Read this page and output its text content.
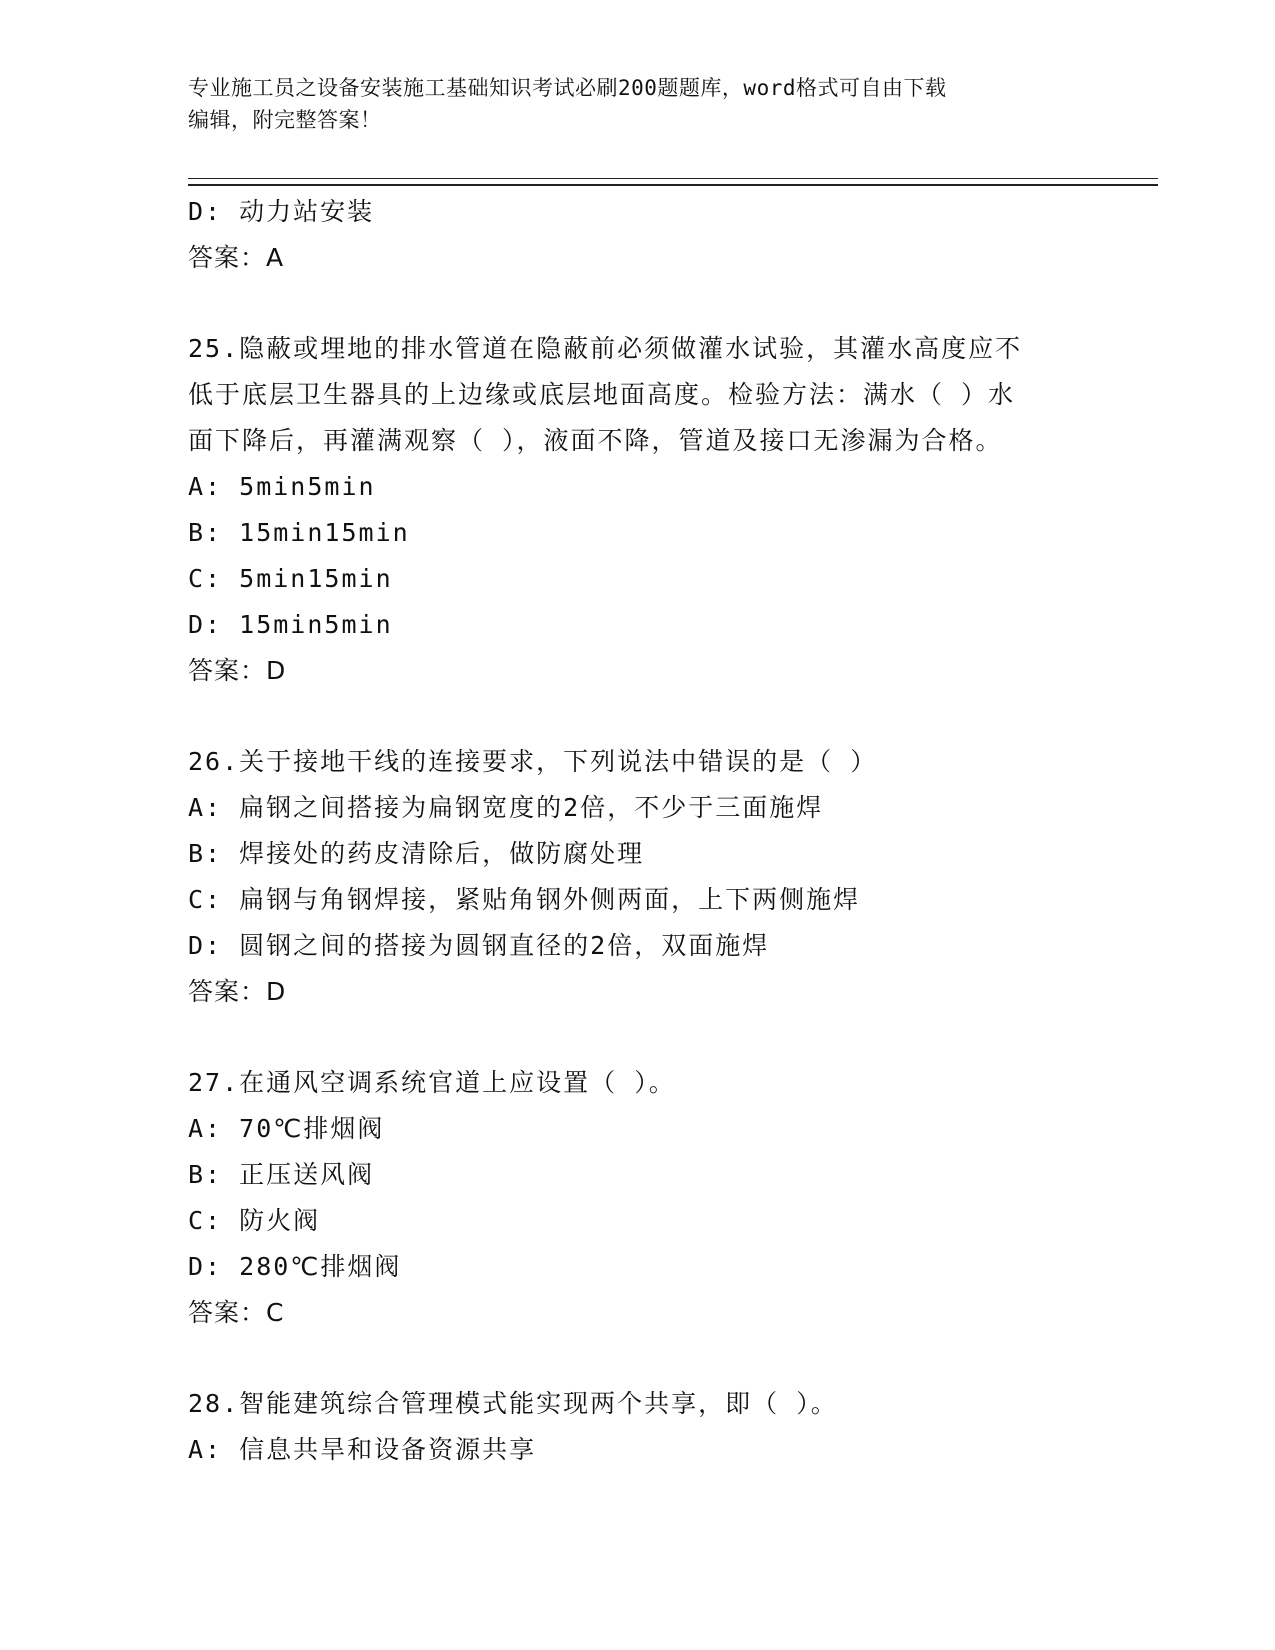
专业施工员之设备安装施工基础知识考试必刷200题题库，word格式可自由下载
编辑，附完整答案！
D: 动力站安装
答案：A
25.隐蔽或埋地的排水管道在隐蔽前必须做灌水试验，其灌水高度应不
低于底层卫生器具的上边缘或底层地面高度。检验方法：满水（ ）水
面下降后，再灌满观察（ ），液面不降，管道及接口无渗漏为合格。
A: 5min5min
B: 15min15min
C: 5min15min
D: 15min5min
答案：D
26.关于接地干线的连接要求，下列说法中错误的是（ ）
A: 扁钢之间搭接为扁钢宽度的2倍，不少于三面施焊
B: 焊接处的药皮清除后，做防腐处理
C: 扁钢与角钢焊接，紧贴角钢外侧两面，上下两侧施焊
D: 圆钢之间的搭接为圆钢直径的2倍，双面施焊
答案：D
27.在通风空调系统官道上应设置（ ）。
A: 70℃排烟阀
B: 正压送风阀
C: 防火阀
D: 280℃排烟阀
答案：C
28.智能建筑综合管理模式能实现两个共享，即（ ）。
A: 信息共旱和设备资源共享
